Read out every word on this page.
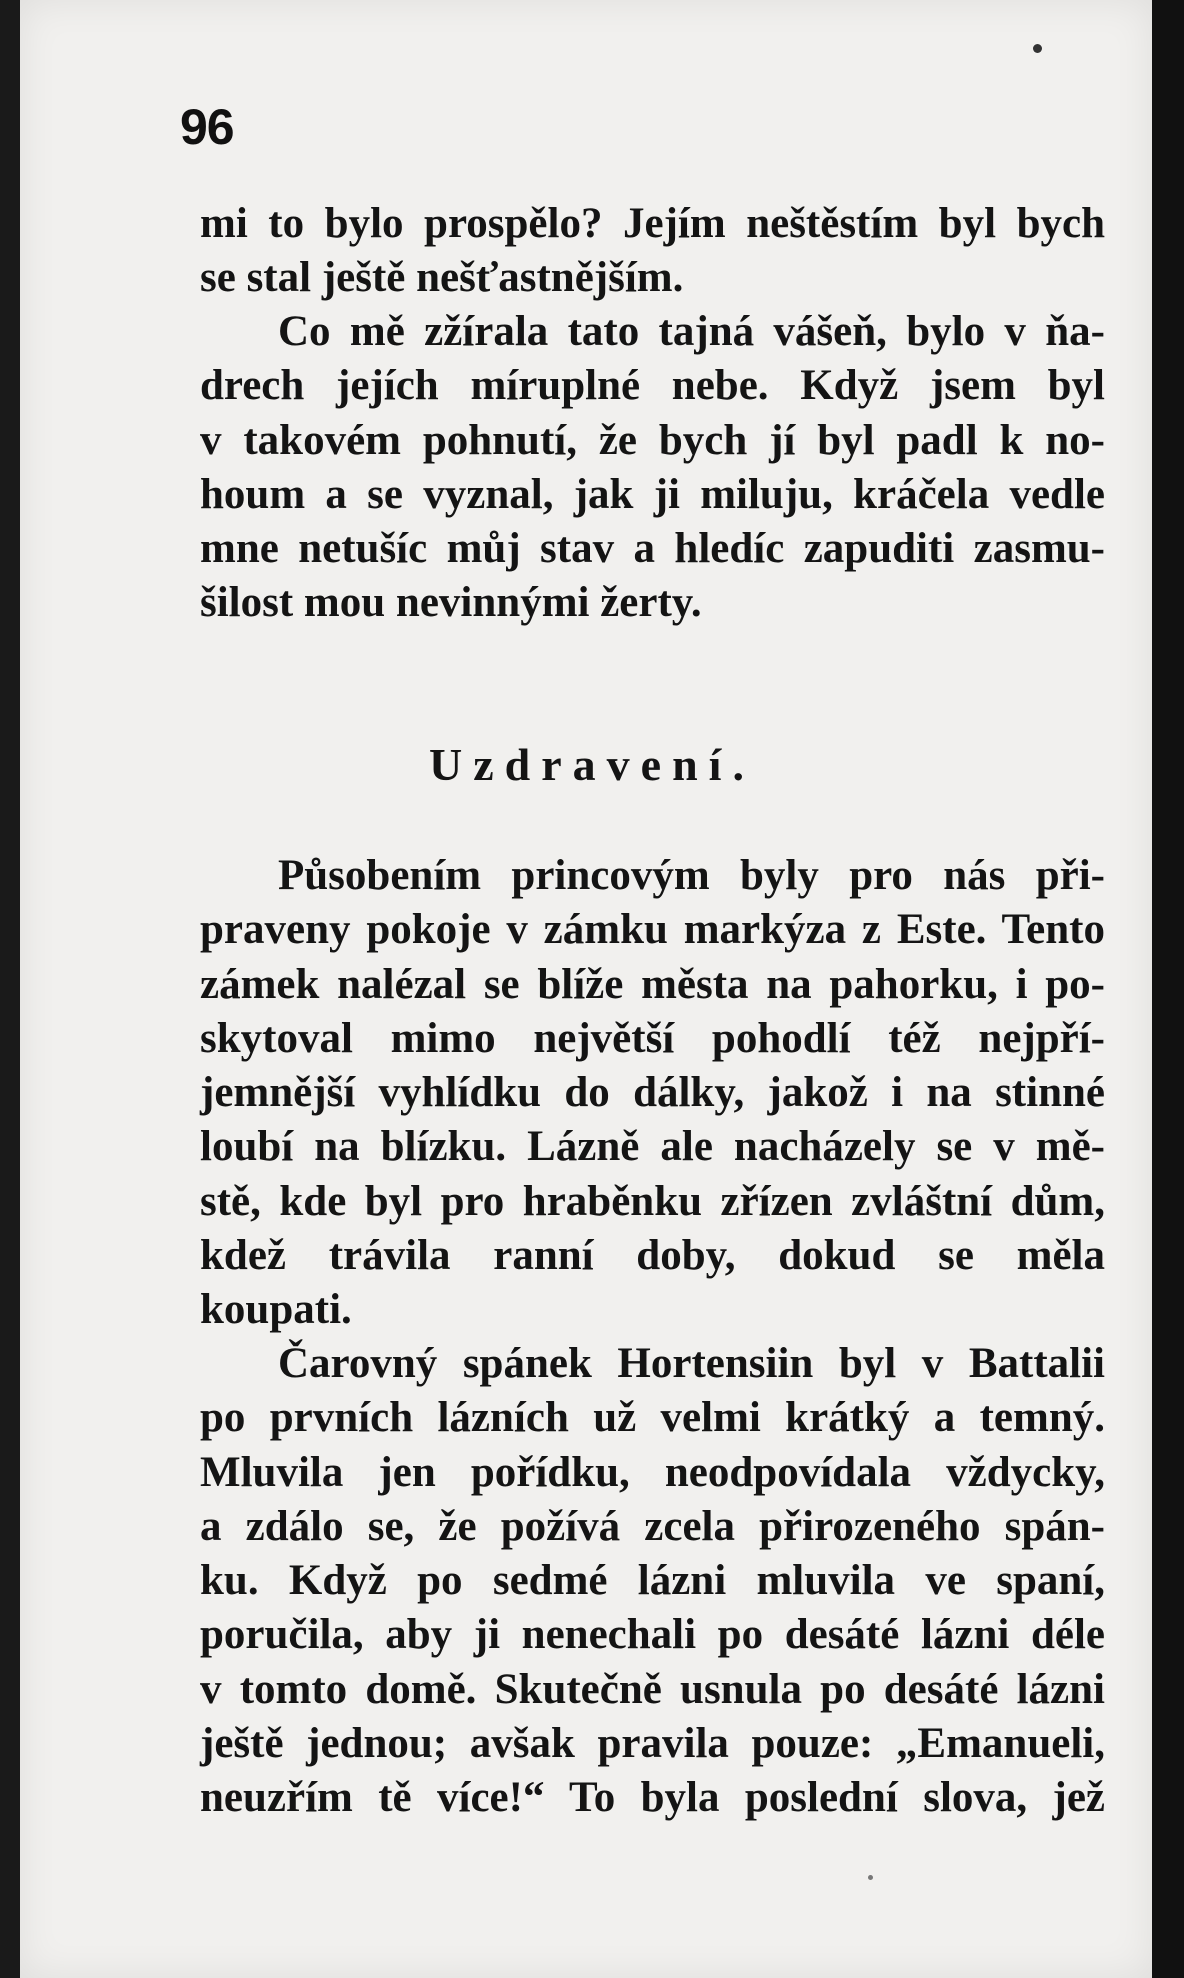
96
mi to bylo prospělo? Jejím neštěstím byl bych
se stal ještě nešťastnějším.
Co mě zžírala tato tajná vášeň, bylo v ňa-
drech jejích míruplné nebe. Když jsem byl
v takovém pohnutí, že bych jí byl padl k no-
houm a se vyznal, jak ji miluju, kráčela vedle
mne netušíc můj stav a hledíc zapuditi zasmu-
šilost mou nevinnými žerty.
Uzdravení.
Působením princovým byly pro nás při-
praveny pokoje v zámku markýza z Este. Tento
zámek nalézal se blíže města na pahorku, i po-
skytoval mimo největší pohodlí též nejpří-
jemnější vyhlídku do dálky, jakož i na stinné
loubí na blízku. Lázně ale nacházely se v mě-
stě, kde byl pro hraběnku zřízen zvláštní dům,
kdež trávila ranní doby, dokud se měla
koupati.
Čarovný spánek Hortensiin byl v Battalii
po prvních lázních už velmi krátký a temný.
Mluvila jen pořídku, neodpovídala vždycky,
a zdálo se, že požívá zcela přirozeného spán-
ku. Když po sedmé lázni mluvila ve spaní,
poručila, aby ji nenechali po desáté lázni déle
v tomto domě. Skutečně usnula po desáté lázni
ještě jednou; avšak pravila pouze: „Emanueli,
neuzřím tě více!“ To byla poslední slova, jež
